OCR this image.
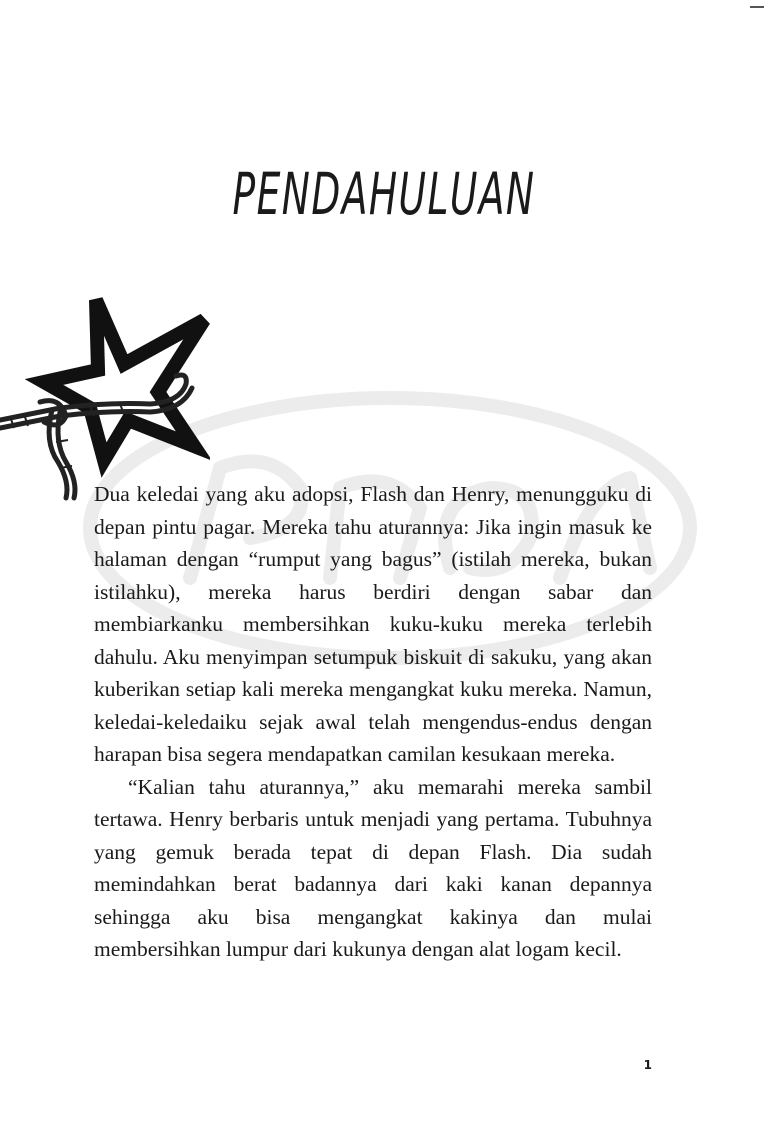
PENDAHULUAN

Dua keledai yang aku adopsi, Flash dan Henry, menungguku di depan pintu pagar. Mereka tahu aturannya: Jika ingin masuk ke halaman dengan “rumput yang bagus” (istilah mereka, bukan istilahku), mereka harus berdiri dengan sabar dan membiarkanku membersihkan kuku-kuku mereka terlebih dahulu. Aku menyimpan setumpuk biskuit di sakuku, yang akan kuberikan setiap kali mereka mengangkat kuku mereka. Namun, keledai-keledaiku sejak awal telah mengendus-endus dengan harapan bisa segera mendapatkan camilan kesukaan mereka.

“Kalian tahu aturannya,” aku memarahi mereka sambil tertawa. Henry berbaris untuk menjadi yang pertama. Tubuhnya yang gemuk berada tepat di depan Flash. Dia sudah memindahkan berat badannya dari kaki kanan depannya sehingga aku bisa mengangkat kakinya dan mulai membersihkan lumpur dari kukunya dengan alat logam kecil.

1
